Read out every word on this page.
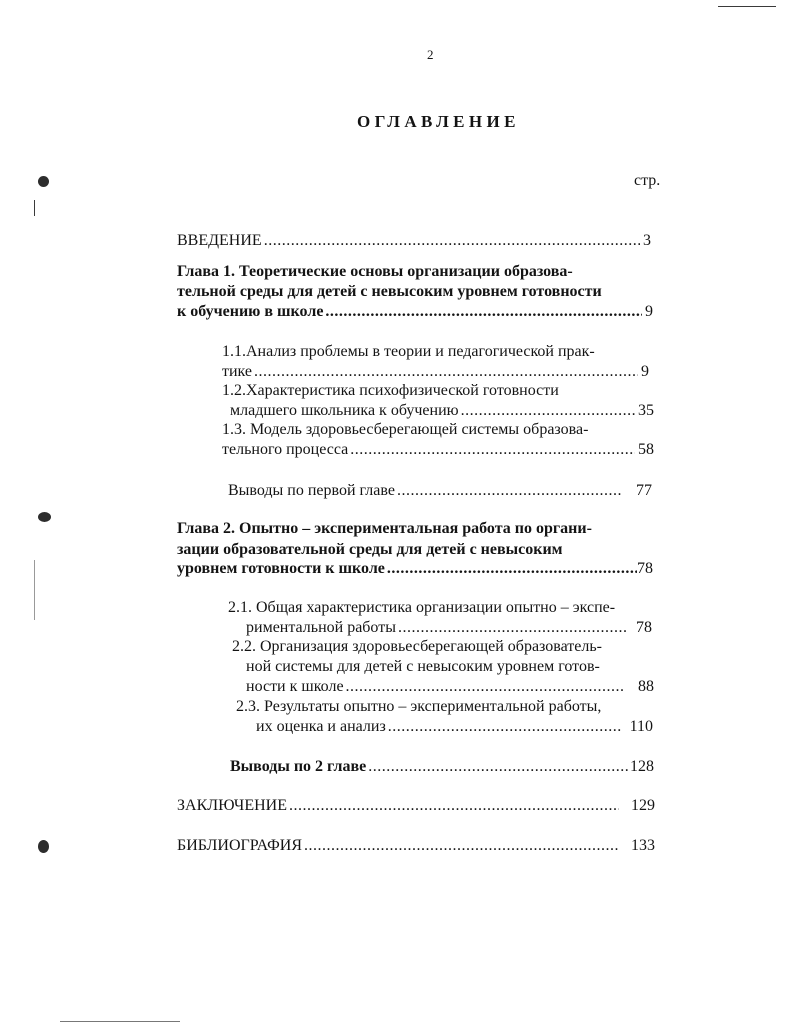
2
ОГЛАВЛЕНИЕ
стр.
ВВЕДЕНИЕ .....	3
Глава 1. Теоретические основы организации образова-
тельной среды для детей с невысоким уровнем готовности
к обучению в школе .....	9
1.1.Анализ проблемы в теории и педагогической прак-
тике .....	9
1.2.Характеристика психофизической готовности
младшего школьника к обучению .....	35
1.3. Модель здоровьесберегающей системы образова-
тельного процесса .....	58
Выводы по первой главе .....	77
Глава 2. Опытно – экспериментальная работа по органи-
зации образовательной среды для детей с невысоким
уровнем готовности к школе .....	78
2.1. Общая характеристика организации опытно – экспе-
риментальной работы .....	78
2.2. Организация здоровьесберегающей образователь-
ной системы для детей с невысоким уровнем готов-
ности к школе .....	88
2.3. Результаты опытно – экспериментальной работы,
их оценка и анализ .....	110
Выводы по 2 главе .....	128
ЗАКЛЮЧЕНИЕ .....	129
БИБЛИОГРАФИЯ .....	133
